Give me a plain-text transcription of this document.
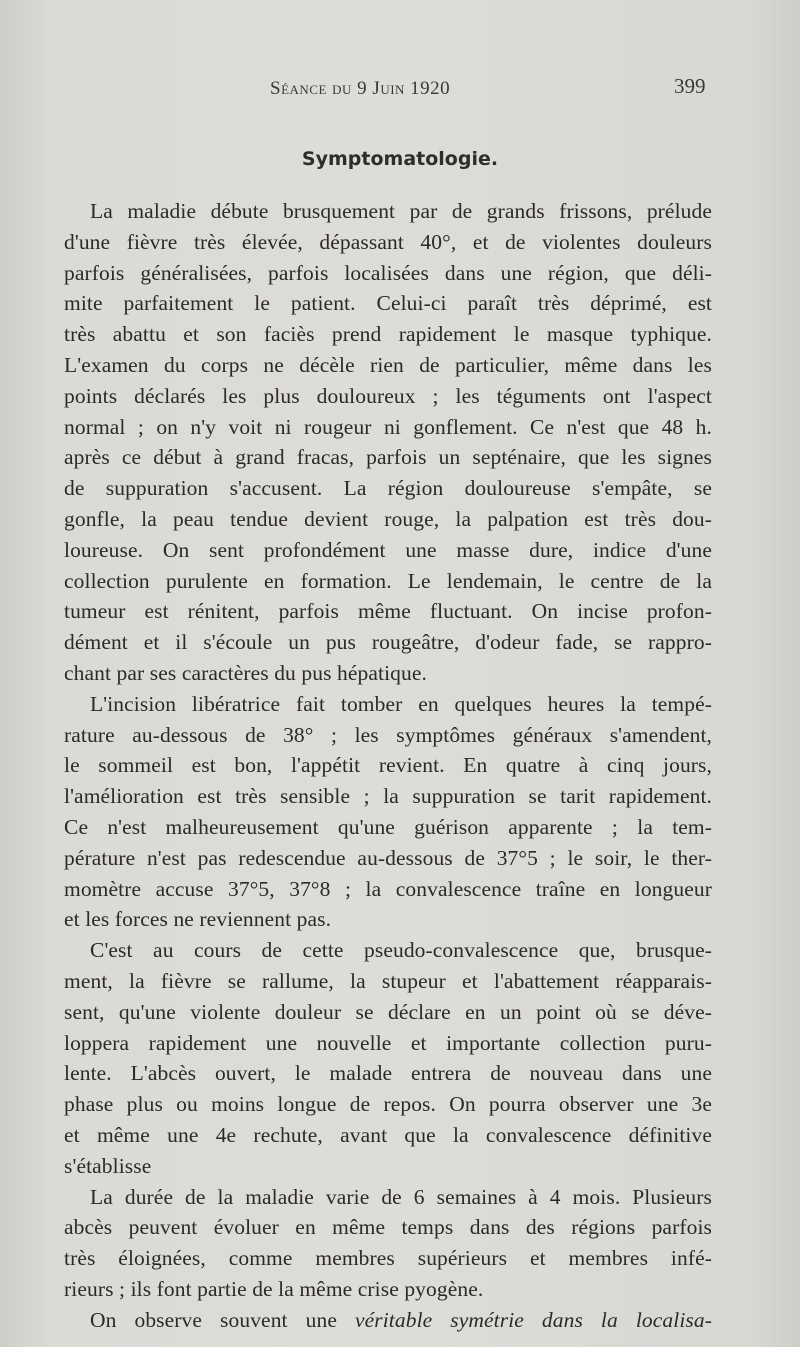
Séance du 9 Juin 1920	399
Symptomatologie.
La maladie débute brusquement par de grands frissons, prélude
d'une fièvre très élevée, dépassant 40°, et de violentes douleurs
parfois généralisées, parfois localisées dans une région, que déli-
mite parfaitement le patient. Celui-ci paraît très déprimé, est
très abattu et son faciès prend rapidement le masque typhique.
L'examen du corps ne décèle rien de particulier, même dans les
points déclarés les plus douloureux ; les téguments ont l'aspect
normal ; on n'y voit ni rougeur ni gonflement. Ce n'est que 48 h.
après ce début à grand fracas, parfois un septénaire, que les signes
de suppuration s'accusent. La région douloureuse s'empâte, se
gonfle, la peau tendue devient rouge, la palpation est très dou-
loureuse. On sent profondément une masse dure, indice d'une
collection purulente en formation. Le lendemain, le centre de la
tumeur est rénitent, parfois même fluctuant. On incise profon-
dément et il s'écoule un pus rougeâtre, d'odeur fade, se rappro-
chant par ses caractères du pus hépatique.
L'incision libératrice fait tomber en quelques heures la tempé-
rature au-dessous de 38° ; les symptômes généraux s'amendent,
le sommeil est bon, l'appétit revient. En quatre à cinq jours,
l'amélioration est très sensible ; la suppuration se tarit rapidement.
Ce n'est malheureusement qu'une guérison apparente ; la tem-
pérature n'est pas redescendue au-dessous de 37°5 ; le soir, le ther-
momètre accuse 37°5, 37°8 ; la convalescence traîne en longueur
et les forces ne reviennent pas.
C'est au cours de cette pseudo-convalescence que, brusque-
ment, la fièvre se rallume, la stupeur et l'abattement réapparais-
sent, qu'une violente douleur se déclare en un point où se déve-
loppera rapidement une nouvelle et importante collection puru-
lente. L'abcès ouvert, le malade entrera de nouveau dans une
phase plus ou moins longue de repos. On pourra observer une 3e
et même une 4e rechute, avant que la convalescence définitive
s'établisse
La durée de la maladie varie de 6 semaines à 4 mois. Plusieurs
abcès peuvent évoluer en même temps dans des régions parfois
très éloignées, comme membres supérieurs et membres infé-
rieurs ; ils font partie de la même crise pyogène.
On observe souvent une véritable symétrie dans la localisa-
